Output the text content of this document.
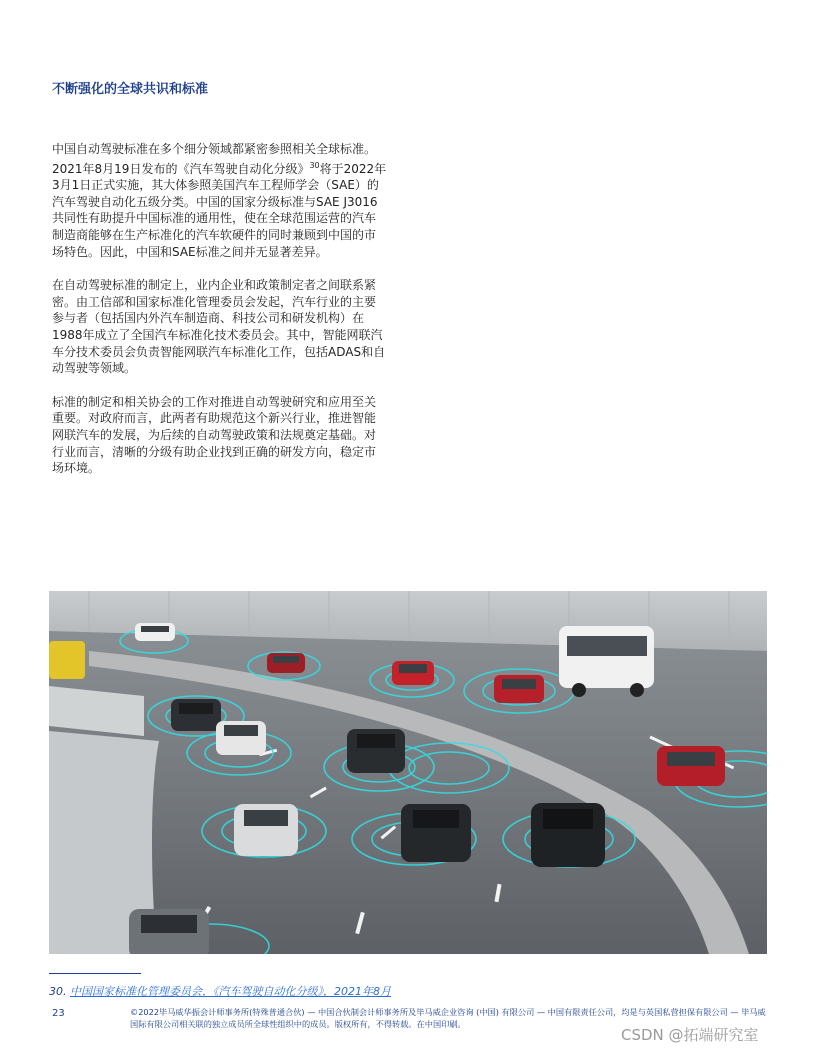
不断强化的全球共识和标准

中国自动驾驶标准在多个细分领域都紧密参照相关全球标准。2021年8月19日发布的《汽车驾驶自动化分级》$^{30}$将于2022年3月1日正式实施，其大体参照美国汽车工程师学会（SAE）的汽车驾驶自动化五级分类。中国的国家分级标准与SAE J3016共同性有助提升中国标准的通用性，使在全球范围运营的汽车制造商能够在生产标准化的汽车软硬件的同时兼顾到中国的市场特色。因此，中国和SAE标准之间并无显著差异。

在自动驾驶标准的制定上，业内企业和政策制定者之间联系紧密。由工信部和国家标准化管理委员会发起，汽车行业的主要参与者（包括国内外汽车制造商、科技公司和研发机构）在1988年成立了全国汽车标准化技术委员会。其中，智能网联汽车分技术委员会负责智能网联汽车标准化工作，包括ADAS和自动驾驶等领域。

标准的制定和相关协会的工作对推进自动驾驶研究和应用至关重要。对政府而言，此两者有助规范这个新兴行业，推进智能网联汽车的发展，为后续的自动驾驶政策和法规奠定基础。对行业而言，清晰的分级有助企业找到正确的研发方向，稳定市场环境。

30. 中国国家标准化管理委员会，《汽车驾驶自动化分级》，2021年8月
23	©2022毕马威华振会计师事务所(特殊普通合伙) — 中国合伙制会计师事务所及毕马威企业咨询 (中国) 有限公司 — 中国有限责任公司，均是与英国私营担保有限公司 — 毕马威国际有限公司相关联的独立成员所全球性组织中的成员。版权所有，不得转载。在中国印刷。
CSDN @拓端研究室
